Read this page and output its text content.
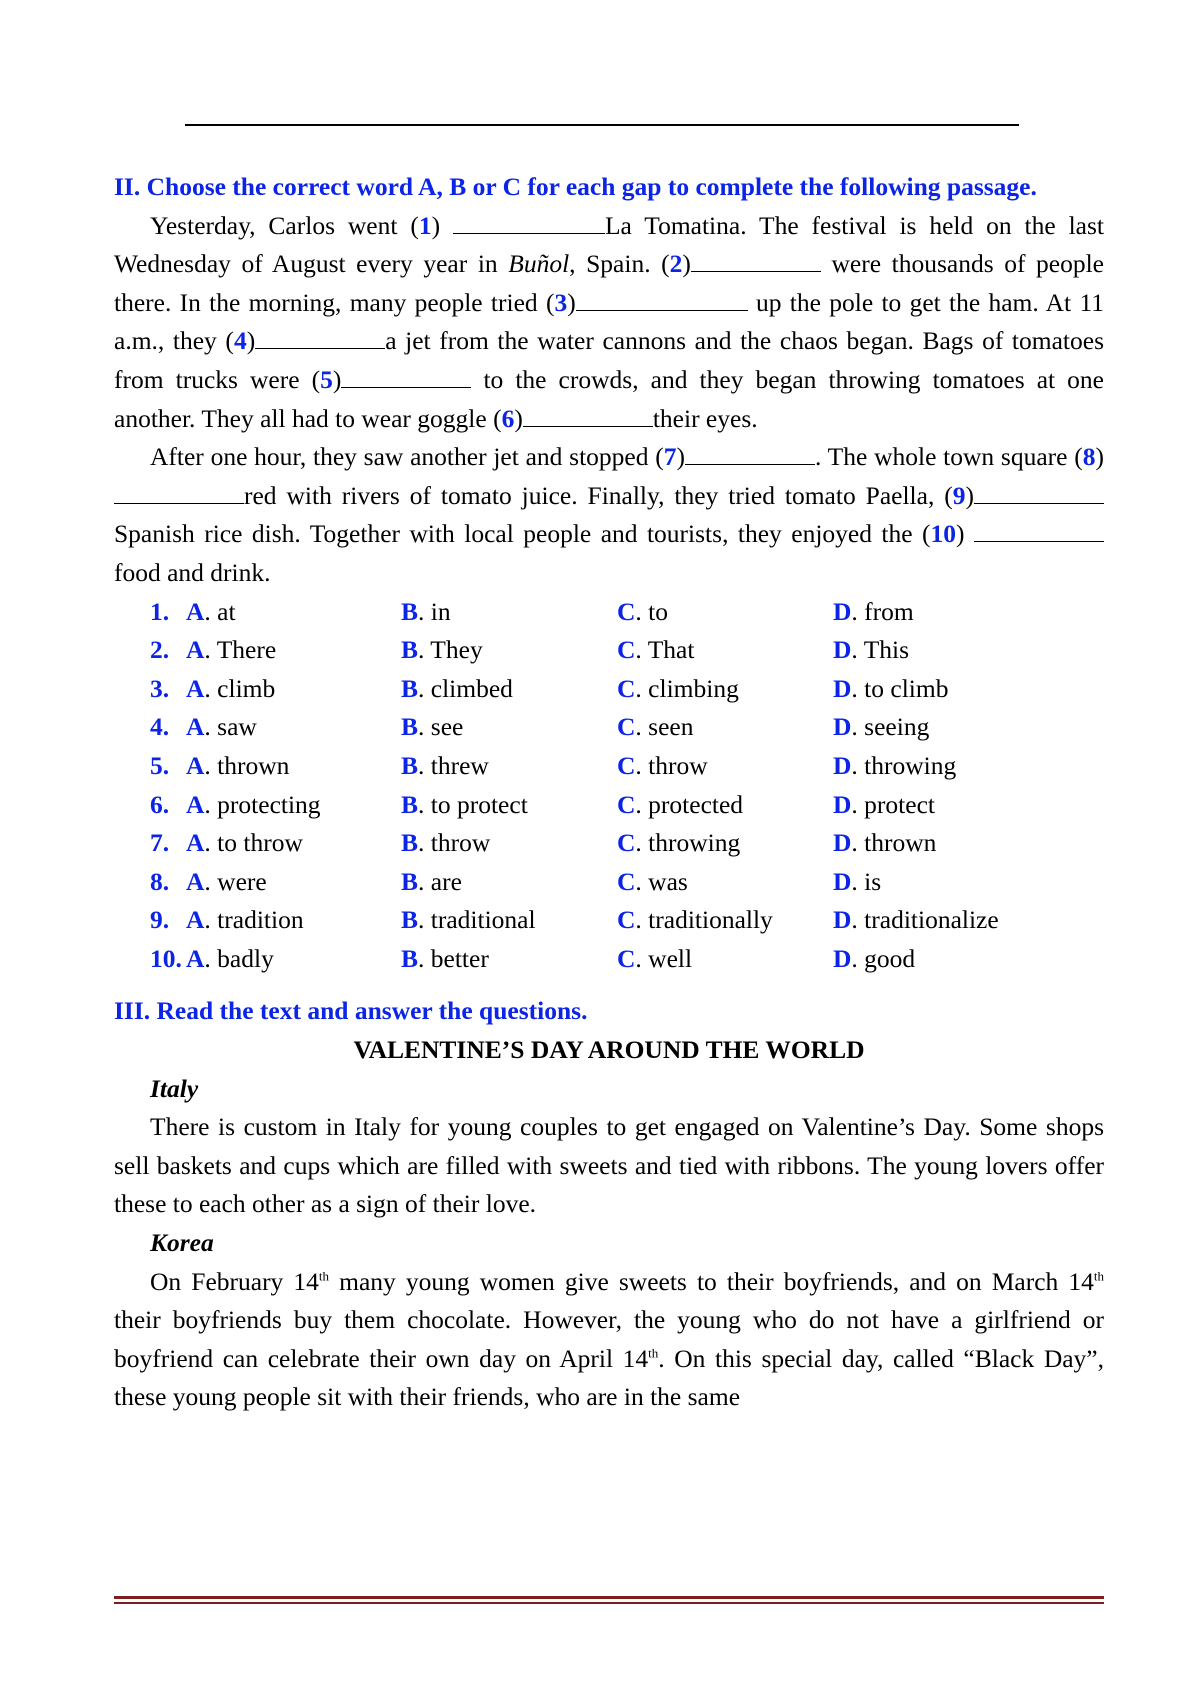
II. Choose the correct word A, B or C for each gap to complete the following passage.

Yesterday, Carlos went (1)	La Tomatina. The festival is held on the last Wednesday of August every year in Buñol, Spain. (2)	were thousands of people there. In the morning, many people tried (3)	up the pole to get the ham. At 11 a.m., they (4)	a jet from the water cannons and the chaos began. Bags of tomatoes from trucks were (5)	to the crowds, and they began throwing tomatoes at one another. They all had to wear goggle (6)	their eyes.

After one hour, they saw another jet and stopped (7)	. The whole town square (8)red with rivers of tomato juice. Finally, they tried tomato Paella, (9)Spanish rice dish. Together with local people and tourists, they enjoyed the (10) food and drink.

1. A. at	B. in	C. to	D. from
2. A. There	B. They	C. That	D. This
3. A. climb	B. climbed	C. climbing	D. to climb
4. A. saw	B. see	C. seen	D. seeing
5. A. thrown	B. threw	C. throw	D. throwing
6. A. protecting	B. to protect	C. protected	D. protect
7. A. to throw	B. throw	C. throwing	D. thrown
8. A. were	B. are	C. was	D. is
9. A. tradition	B. traditional	C. traditionally	D. traditionalize
10. A. badly	B. better	C. well	D. good
III. Read the text and answer the questions.
VALENTINE’S DAY AROUND THE WORLD
Italy

There is custom in Italy for young couples to get engaged on Valentine’s Day. Some shops sell baskets and cups which are filled with sweets and tied with ribbons. The young lovers offer these to each other as a sign of their love.

Korea

On February 14th many young women give sweets to their boyfriends, and on March 14th their boyfriends buy them chocolate. However, the young who do not have a girlfriend or boyfriend can celebrate their own day on April 14th. On this special day, called “Black Day”, these young people sit with their friends, who are in the same
